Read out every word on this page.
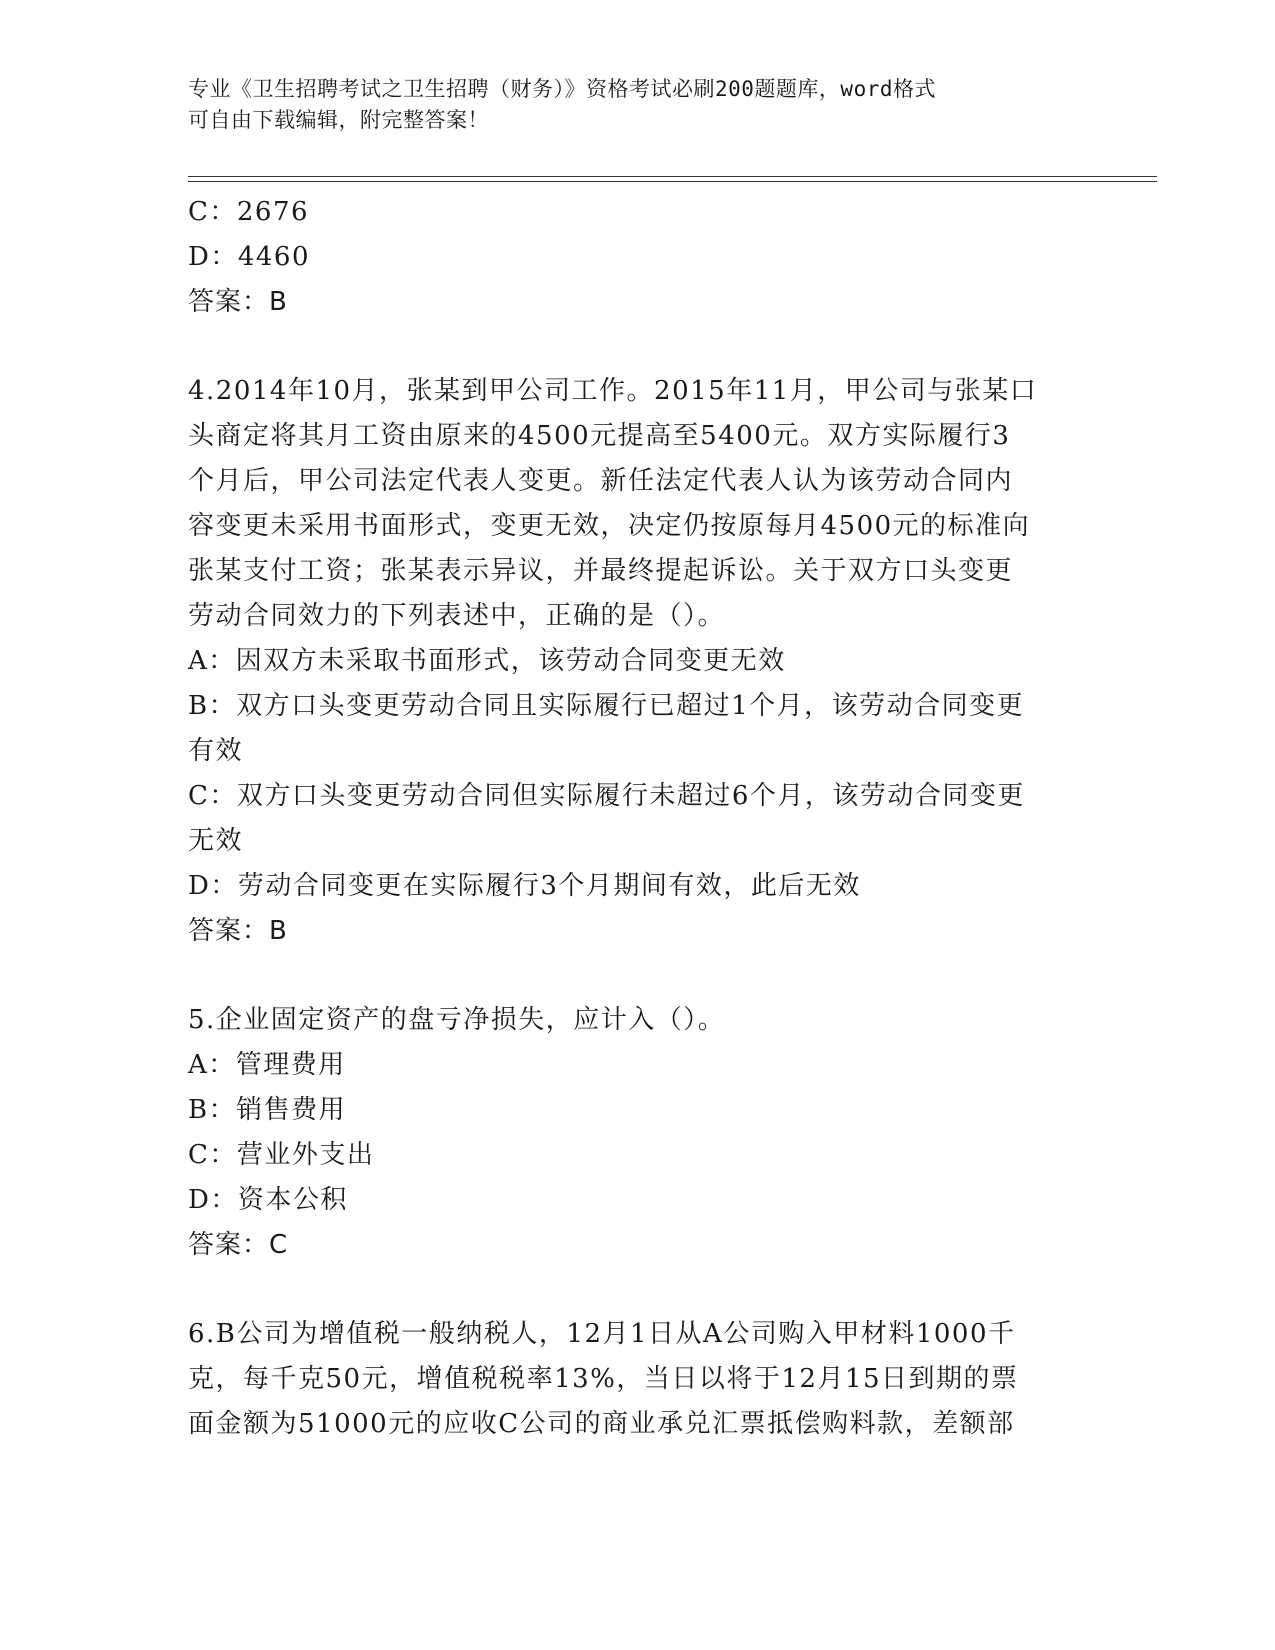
专业《卫生招聘考试之卫生招聘（财务）》资格考试必刷200题题库，word格式
可自由下载编辑，附完整答案！
C：2676
D：4460
答案：B
4.2014年10月，张某到甲公司工作。2015年11月，甲公司与张某口
头商定将其月工资由原来的4500元提高至5400元。双方实际履行3
个月后，甲公司法定代表人变更。新任法定代表人认为该劳动合同内
容变更未采用书面形式，变更无效，决定仍按原每月4500元的标准向
张某支付工资；张某表示异议，并最终提起诉讼。关于双方口头变更
劳动合同效力的下列表述中，正确的是（）。
A：因双方未采取书面形式，该劳动合同变更无效
B：双方口头变更劳动合同且实际履行已超过1个月，该劳动合同变更
有效
C：双方口头变更劳动合同但实际履行未超过6个月，该劳动合同变更
无效
D：劳动合同变更在实际履行3个月期间有效，此后无效
答案：B
5.企业固定资产的盘亏净损失，应计入（）。
A：管理费用
B：销售费用
C：营业外支出
D：资本公积
答案：C
6.B公司为增值税一般纳税人，12月1日从A公司购入甲材料1000千
克，每千克50元，增值税税率13%，当日以将于12月15日到期的票
面金额为51000元的应收C公司的商业承兑汇票抵偿购料款，差额部
